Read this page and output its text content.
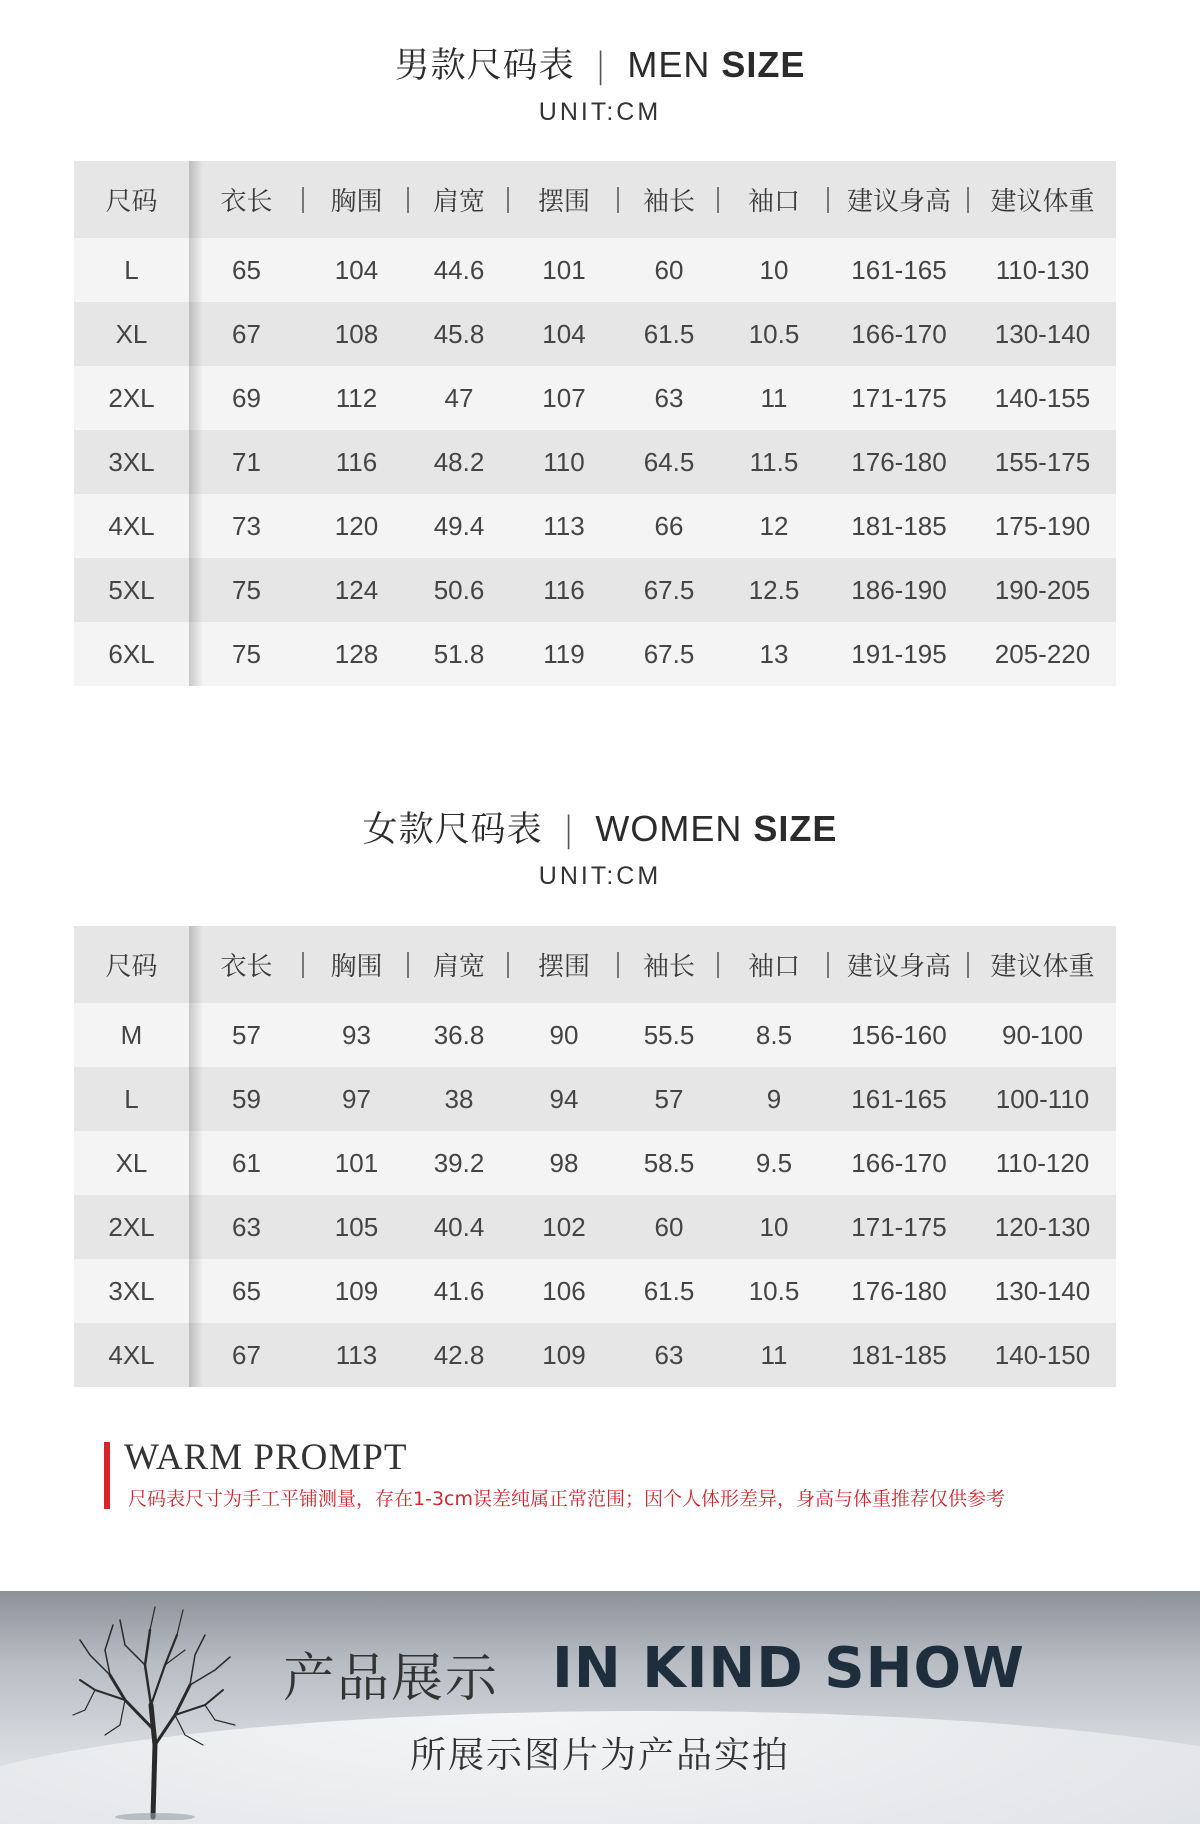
男款尺码表 | MEN SIZE
UNIT:CM
尺码	衣长	胸围	肩宽	摆围	袖长	袖口	建议身高	建议体重
L	65	104	44.6	101	60	10	161-165	110-130
XL	67	108	45.8	104	61.5	10.5	166-170	130-140
2XL	69	112	47	107	63	11	171-175	140-155
3XL	71	116	48.2	110	64.5	11.5	176-180	155-175
4XL	73	120	49.4	113	66	12	181-185	175-190
5XL	75	124	50.6	116	67.5	12.5	186-190	190-205
6XL	75	128	51.8	119	67.5	13	191-195	205-220
女款尺码表 | WOMEN SIZE
UNIT:CM
尺码	衣长	胸围	肩宽	摆围	袖长	袖口	建议身高	建议体重
M	57	93	36.8	90	55.5	8.5	156-160	90-100
L	59	97	38	94	57	9	161-165	100-110
XL	61	101	39.2	98	58.5	9.5	166-170	110-120
2XL	63	105	40.4	102	60	10	171-175	120-130
3XL	65	109	41.6	106	61.5	10.5	176-180	130-140
4XL	67	113	42.8	109	63	11	181-185	140-150
WARM PROMPT
尺码表尺寸为手工平铺测量，存在1-3cm误差纯属正常范围；因个人体形差异，身高与体重推荐仅供参考
产品展示 IN KIND SHOW
所展示图片为产品实拍
